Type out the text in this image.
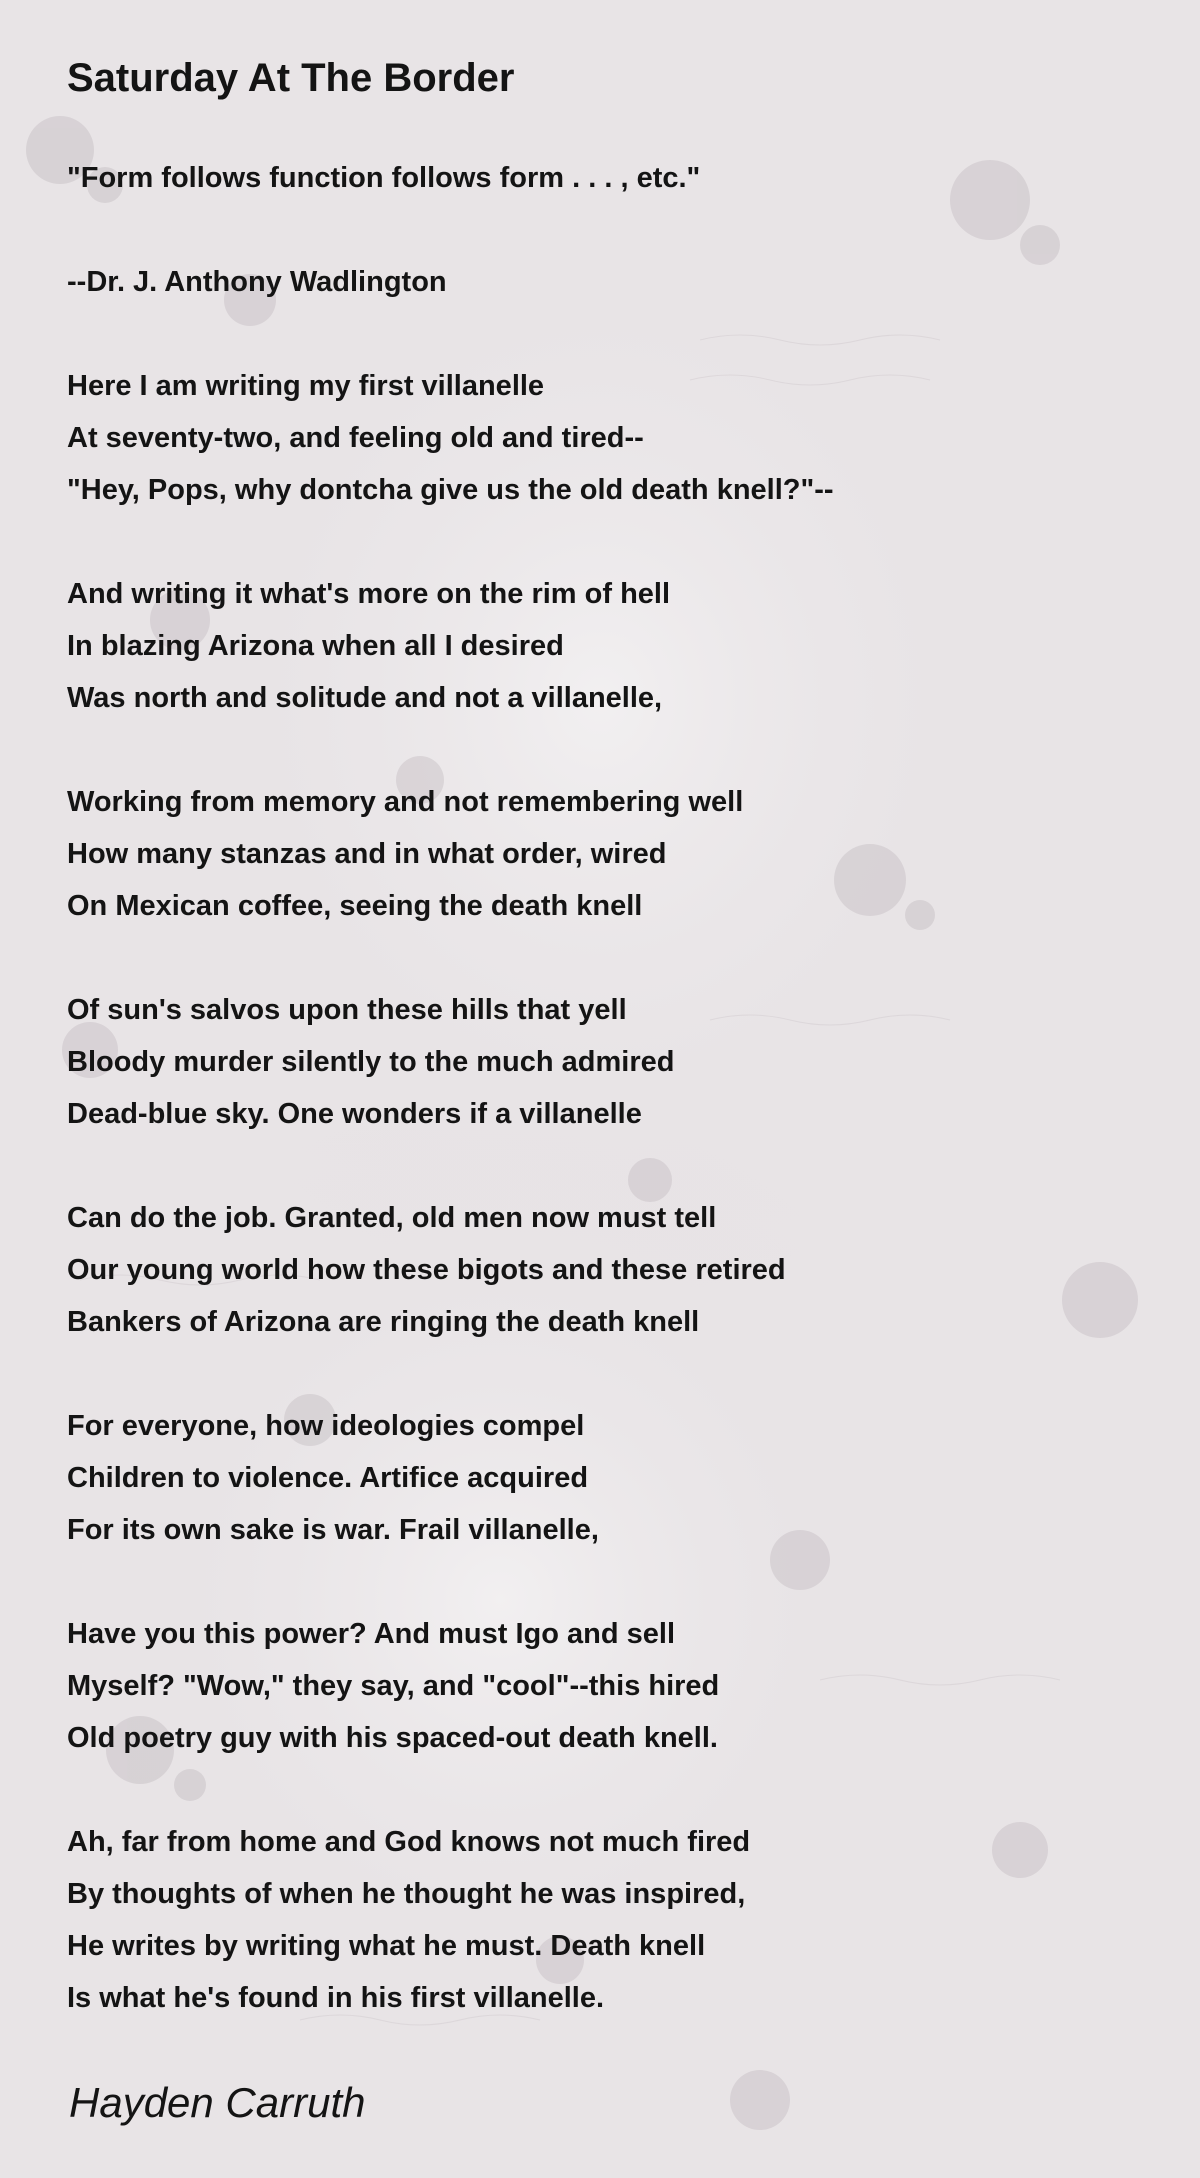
Saturday At The Border
"Form follows function follows form . . . , etc."
--Dr. J. Anthony Wadlington
Here I am writing my first villanelle
At seventy-two, and feeling old and tired--
"Hey, Pops, why dontcha give us the old death knell?"--
And writing it what's more on the rim of hell
In blazing Arizona when all I desired
Was north and solitude and not a villanelle,
Working from memory and not remembering well
How many stanzas and in what order, wired
On Mexican coffee, seeing the death knell
Of sun's salvos upon these hills that yell
Bloody murder silently to the much admired
Dead-blue sky. One wonders if a villanelle
Can do the job. Granted, old men now must tell
Our young world how these bigots and these retired
Bankers of Arizona are ringing the death knell
For everyone, how ideologies compel
Children to violence. Artifice acquired
For its own sake is war. Frail villanelle,
Have you this power? And must Igo and sell
Myself? "Wow," they say, and "cool"--this hired
Old poetry guy with his spaced-out death knell.
Ah, far from home and God knows not much fired
By thoughts of when he thought he was inspired,
He writes by writing what he must. Death knell
Is what he's found in his first villanelle.
Hayden Carruth
